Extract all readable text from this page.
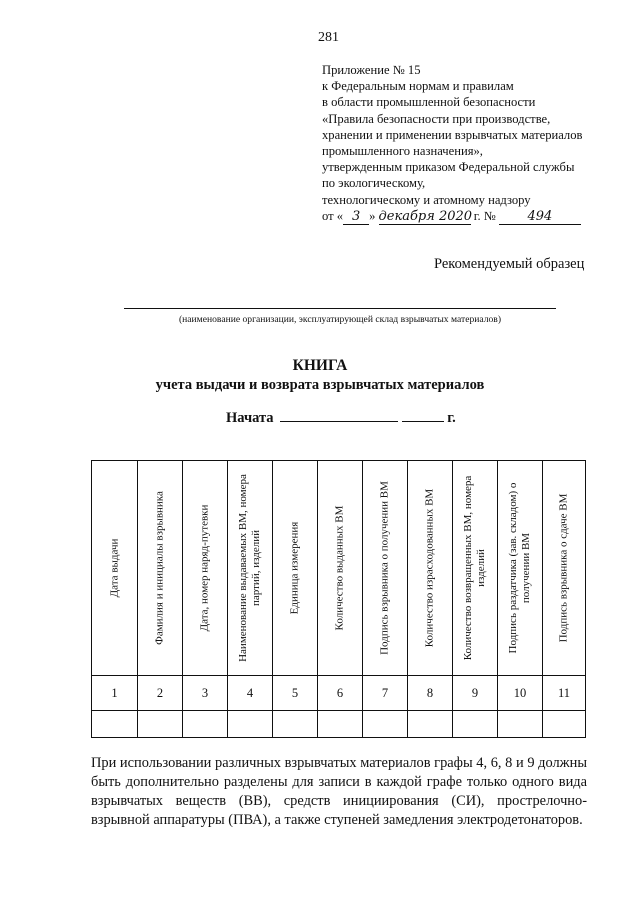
281
Приложение № 15
к Федеральным нормам и правилам
в области промышленной безопасности
«Правила безопасности при производстве,
хранении и применении взрывчатых материалов
промышленного назначения»,
утвержденным приказом Федеральной службы
по экологическому,
технологическому и атомному надзору
от « 3 » декабря 2020 г. № 494
Рекомендуемый образец
(наименование организации, эксплуатирующей склад взрывчатых материалов)
КНИГА
учета выдачи и возврата взрывчатых материалов
Начата	г.
Дата выдачи	Фамилия и инициалы взрывника	Дата, номер наряд-путевки	Наименование выдаваемых ВМ, номера партий, изделий	Единица измерения	Количество выданных ВМ	Подпись взрывника о получении ВМ	Количество израсходованных ВМ	Количество возвращенных ВМ, номера изделий	Подпись раздатчика (зав. складом) о получении ВМ	Подпись взрывника о сдаче ВМ

1	2	3	4	5	6	7	8	9	10	11

При использовании различных взрывчатых материалов графы 4, 6, 8 и 9 должны быть дополнительно разделены для записи в каждой графе только одного вида взрывчатых веществ (ВВ), средств инициирования (СИ), прострелочно-взрывной аппаратуры (ПВА), а также ступеней замедления электродетонаторов.
